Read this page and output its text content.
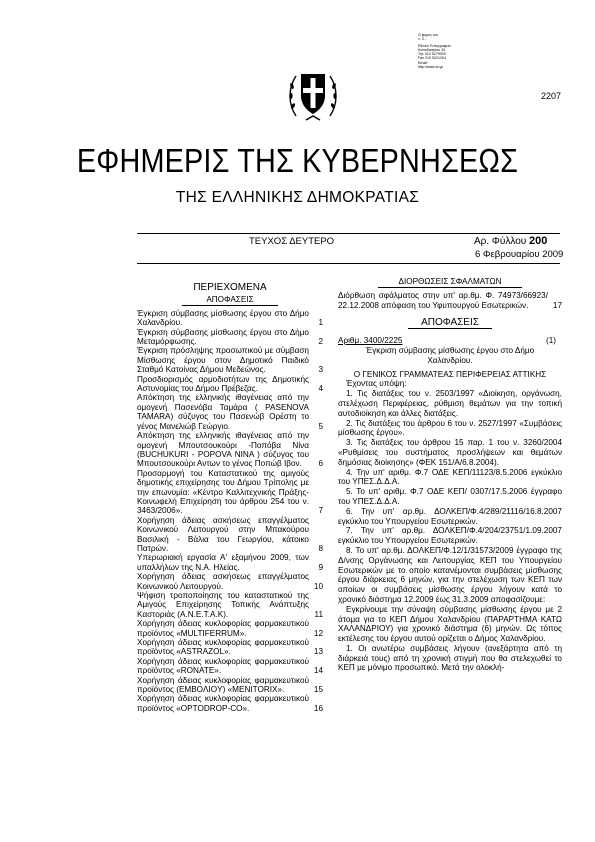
Ο φόρος του
ν. 3...
Εθνικό Τυπογραφείο
Καποδιστρίου 34
Τηλ 210 5279000
Fax 210 5221004
Email:
http://www.et.gr
2207
ΕΦΗΜΕΡΙΣ ΤΗΣ ΚΥΒΕΡΝΗΣΕΩΣ
ΤΗΣ ΕΛΛΗΝΙΚΗΣ ΔΗΜΟΚΡΑΤΙΑΣ
ΤΕΥΧΟΣ ΔΕΥΤΕΡΟ	Αρ. Φύλλου 200
6 Φεβρουαρίου 2009
ΠΕΡΙΕΧΟΜΕΝΑ
ΑΠΟΦΑΣΕΙΣ
Έγκριση σύμβασης μίσθωσης έργου στο Δήμο Χαλανδρίου.	1
Έγκριση σύμβασης μίσθωσης έργου στο Δήμο Μεταμόρφωσης.	2
Έγκριση πρόσληψης προσωπικού με σύμβαση Μίσθωσης έργου στον Δημοτικό Παιδικό Σταθμό Κατοίνας Δήμου Μεδεώνος.	3
Προσδιορισμός αρμοδιοτήτων της Δημοτικής Αστυνομίας του Δήμου Πρέβεζας.	4
Απόκτηση της ελληνικής ιθαγένειας από την ομογενή Πασενόβα Ταμάρα ( PASENOVA TAMARA) σύζυγος του Πασενώβ Ορέστη το γένος Μανελιώβ Γεώργιο.	5
Απόκτηση της ελληνικής ιθαγένειας από την ομογενή Μπουτσουκούρι -Ποπόβα Νίνα (BUCHUKURI - POPOVA NINA ) σύζυγος του Μπουτσουκούρι Αντων το γένος Ποπώβ Ιβον. 6
Προσαρμογή του Καταστατικού της αμιγούς δημοτικής επιχείρησης του Δήμου Τρίπολης με την επωνυμία: «Κέντρο Καλλιτεχνικής Πράξης-Κοινωφελή Επιχείρηση του άρθρου 254 του ν. 3463/2006».	7
Χορήγηση άδειας ασκήσεως επαγγέλματος Κοινωνικού Λειτουργού στην Μπακούρου Βασιλική - Βάλια του Γεωργίου, κάτοικο Πατρών.	8
Υπερωριακή εργασία Α' εξαμήνου 2009, των υπαλλήλων της Ν.Α. Ηλείας.	9
Χορήγηση άδειας ασκήσεως επαγγέλματος Κοινωνικού Λειτουργού.	10
Ψήφιση τροποποίησης του καταστατικού της Αμιγούς Επιχείρησης Τοπικής Ανάπτυξης Καστοριάς (Α.Ν.Ε.Τ.Α.Κ).	11
Χορήγηση άδειας κυκλοφορίας φαρμακευτικού προϊόντος «MULTIFERRUM».	12
Χορήγηση άδειας κυκλοφορίας φαρμακευτικού προϊόντος «ASTRAZOL».	13
Χορήγηση άδειας κυκλοφορίας φαρμακευτικού προϊόντος «RONATE».	14
Χορήγηση άδειας κυκλοφορίας φαρμακευτικού προϊόντος (EMBOΛIOY) «MENITORIX».	15
Χορήγηση άδειας κυκλοφορίας φαρμακευτικού προϊόντος «OPTODROP-CO».	16
ΔΙΟΡΘΩΣΕΙΣ ΣΦΑΛΜΑΤΩΝ
Διόρθωση σφάλματος στην υπ' αρ.θμ. Φ. 74973/66923/ 22.12.2008 απόφαση του Υφυπουργού Εσωτερικών.	17
ΑΠΟΦΑΣΕΙΣ
Αριθμ. 3400/2225	(1)
Έγκριση σύμβασης μίσθωσης έργου στο Δήμο Χαλανδρίου.
Ο ΓΕΝΙΚΟΣ ΓΡΑΜΜΑΤΕΑΣ ΠΕΡΙΦΕΡΕΙΑΣ ΑΤΤΙΚΗΣ
Έχοντας υπόψη:
1. Τις διατάξεις του ν. 2503/1997 «Διοίκηση, οργάνωση, στελέχωση Περιφέρειας, ρύθμιση θεμάτων για την τοπική αυτοδιοίκηση και άλλες διατάξεις.
2. Τις διατάξεις του άρθρου 6 του ν. 2527/1997 «Συμβάσεις μίσθωσης έργου».
3. Τις διατάξεις του άρθρου 15 παρ. 1 του ν. 3260/2004 «Ρυθμίσεις του συστήματος προσλήψεων και θεμάτων δημόσιας διοίκησης» (ΦΕΚ 151/Α/6.8.2004).
4. Την υπ' αριθμ. Φ.7 ΟΔΕ ΚΕΠ/11123/8.5.2006 εγκύκλιο του ΥΠΕΣ.Δ.Δ.Α.
5. Το υπ' αριθμ. Φ.7 ΟΔΕ ΚΕΠ/ 0307/17.5.2006 έγγραφο του ΥΠΕΣ.Δ.Δ.Α.
6. Την υπ' αρ.θμ. ΔΟΛΚΕΠ/Φ.4/289/21116/16.8.2007 εγκύκλιο του Υπουργείου Εσωτερικών.
7. Την υπ' αρ.θμ. ΔΟΛΚΕΠ/Φ.4/204/23751/1.09.2007 εγκύκλιο του Υπουργείου Εσωτερικών.
8. Το υπ' αρ.θμ. ΔΟΛΚΕΠ/Φ.12/1/31573/2009 έγγραφο της Δ/νσης Οργάνωσης και Λειτουργίας ΚΕΠ του Υπουργείου Εσωτερικών με το οποίο κατανέμονται συμβάσεις μίσθωσης έργου διάρκειας 6 μηνών, για την στελέχωση των ΚΕΠ των οποίων οι συμβάσεις μίσθωσης έργου λήγουν κατά το χρονικό διάστημα 12.2009 έως 31.3.2009 αποφασίζουμε:
Εγκρίνουμε την σύναψη σύμβασης μίσθωσης έργου με 2 άτομα για το ΚΕΠ Δήμου Χαλανδρίου (ΠΑΡΑΡΤΗΜΑ ΚΑΤΩ ΧΑΛΑΝΔΡΙΟΥ) για χρονικό διάστημα (6) μηνών. Ως τόπος εκτέλεσης του έργου αυτού ορίζεται ο Δήμος Χαλανδρίου.
1. Οι ανωτέρω συμβάσεις λήγουν (ανεξάρτητα από τη διάρκειά τους) από τη χρονική στιγμή που θα στελεχωθεί το ΚΕΠ με μόνιμο προσωπικό. Μετά την ολοκλή-
